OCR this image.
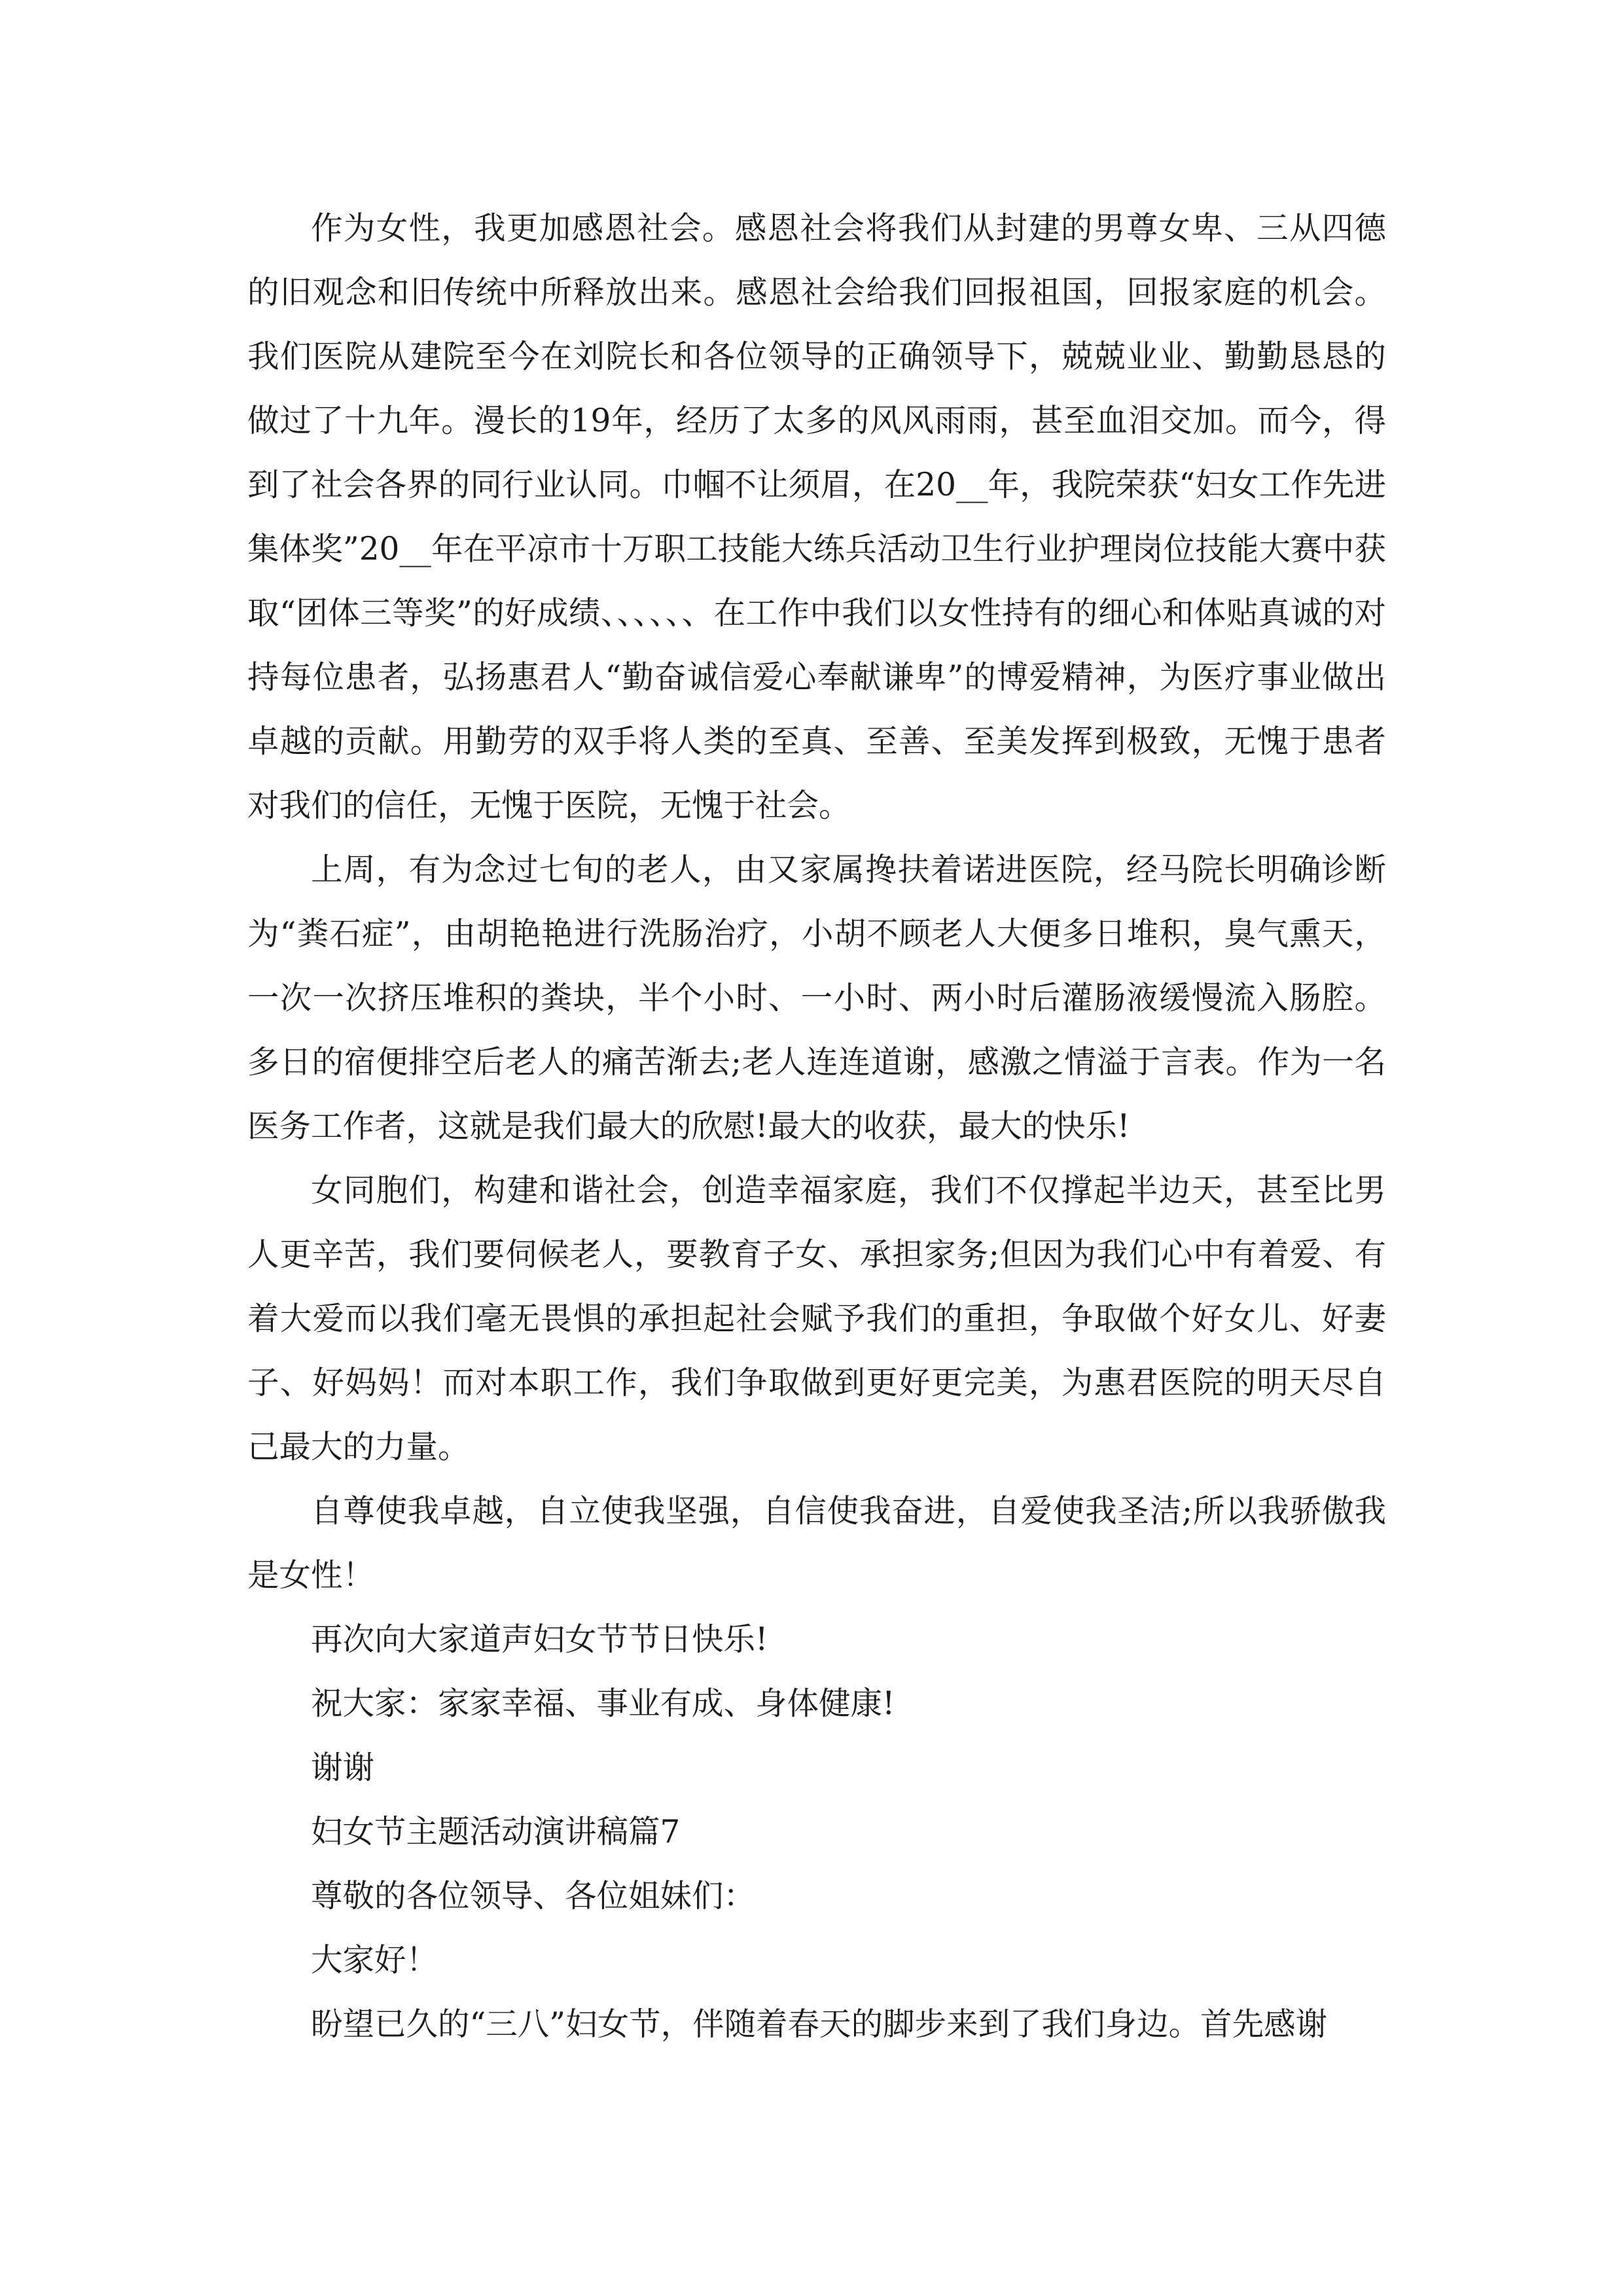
作为女性，我更加感恩社会。感恩社会将我们从封建的男尊女卑、三从四德的旧观念和旧传统中所释放出来。感恩社会给我们回报祖国，回报家庭的机会。我们医院从建院至今在刘院长和各位领导的正确领导下，兢兢业业、勤勤恳恳的做过了十九年。漫长的19年，经历了太多的风风雨雨，甚至血泪交加。而今，得到了社会各界的同行业认同。巾帼不让须眉，在20__年，我院荣获“妇女工作先进集体奖”20__年在平凉市十万职工技能大练兵活动卫生行业护理岗位技能大赛中获取“团体三等奖”的好成绩、、、、、、在工作中我们以女性持有的细心和体贴真诚的对持每位患者，弘扬惠君人“勤奋诚信爱心奉献谦卑”的博爱精神，为医疗事业做出卓越的贡献。用勤劳的双手将人类的至真、至善、至美发挥到极致，无愧于患者对我们的信任，无愧于医院，无愧于社会。

上周，有为念过七旬的老人，由又家属搀扶着诺进医院，经马院长明确诊断为“粪石症”，由胡艳艳进行洗肠治疗，小胡不顾老人大便多日堆积，臭气熏天，一次一次挤压堆积的粪块，半个小时、一小时、两小时后灌肠液缓慢流入肠腔。多日的宿便排空后老人的痛苦渐去;老人连连道谢，感激之情溢于言表。作为一名医务工作者，这就是我们最大的欣慰!最大的收获，最大的快乐!

女同胞们，构建和谐社会，创造幸福家庭，我们不仅撑起半边天，甚至比男人更辛苦，我们要伺候老人，要教育子女、承担家务;但因为我们心中有着爱、有着大爱而以我们毫无畏惧的承担起社会赋予我们的重担，争取做个好女儿、好妻子、好妈妈！而对本职工作，我们争取做到更好更完美，为惠君医院的明天尽自己最大的力量。

自尊使我卓越，自立使我坚强，自信使我奋进，自爱使我圣洁;所以我骄傲我是女性！

再次向大家道声妇女节节日快乐!

祝大家：家家幸福、事业有成、身体健康!

谢谢

妇女节主题活动演讲稿篇7

尊敬的各位领导、各位姐妹们：

大家好！

盼望已久的“三八”妇女节，伴随着春天的脚步来到了我们身边。首先感谢
